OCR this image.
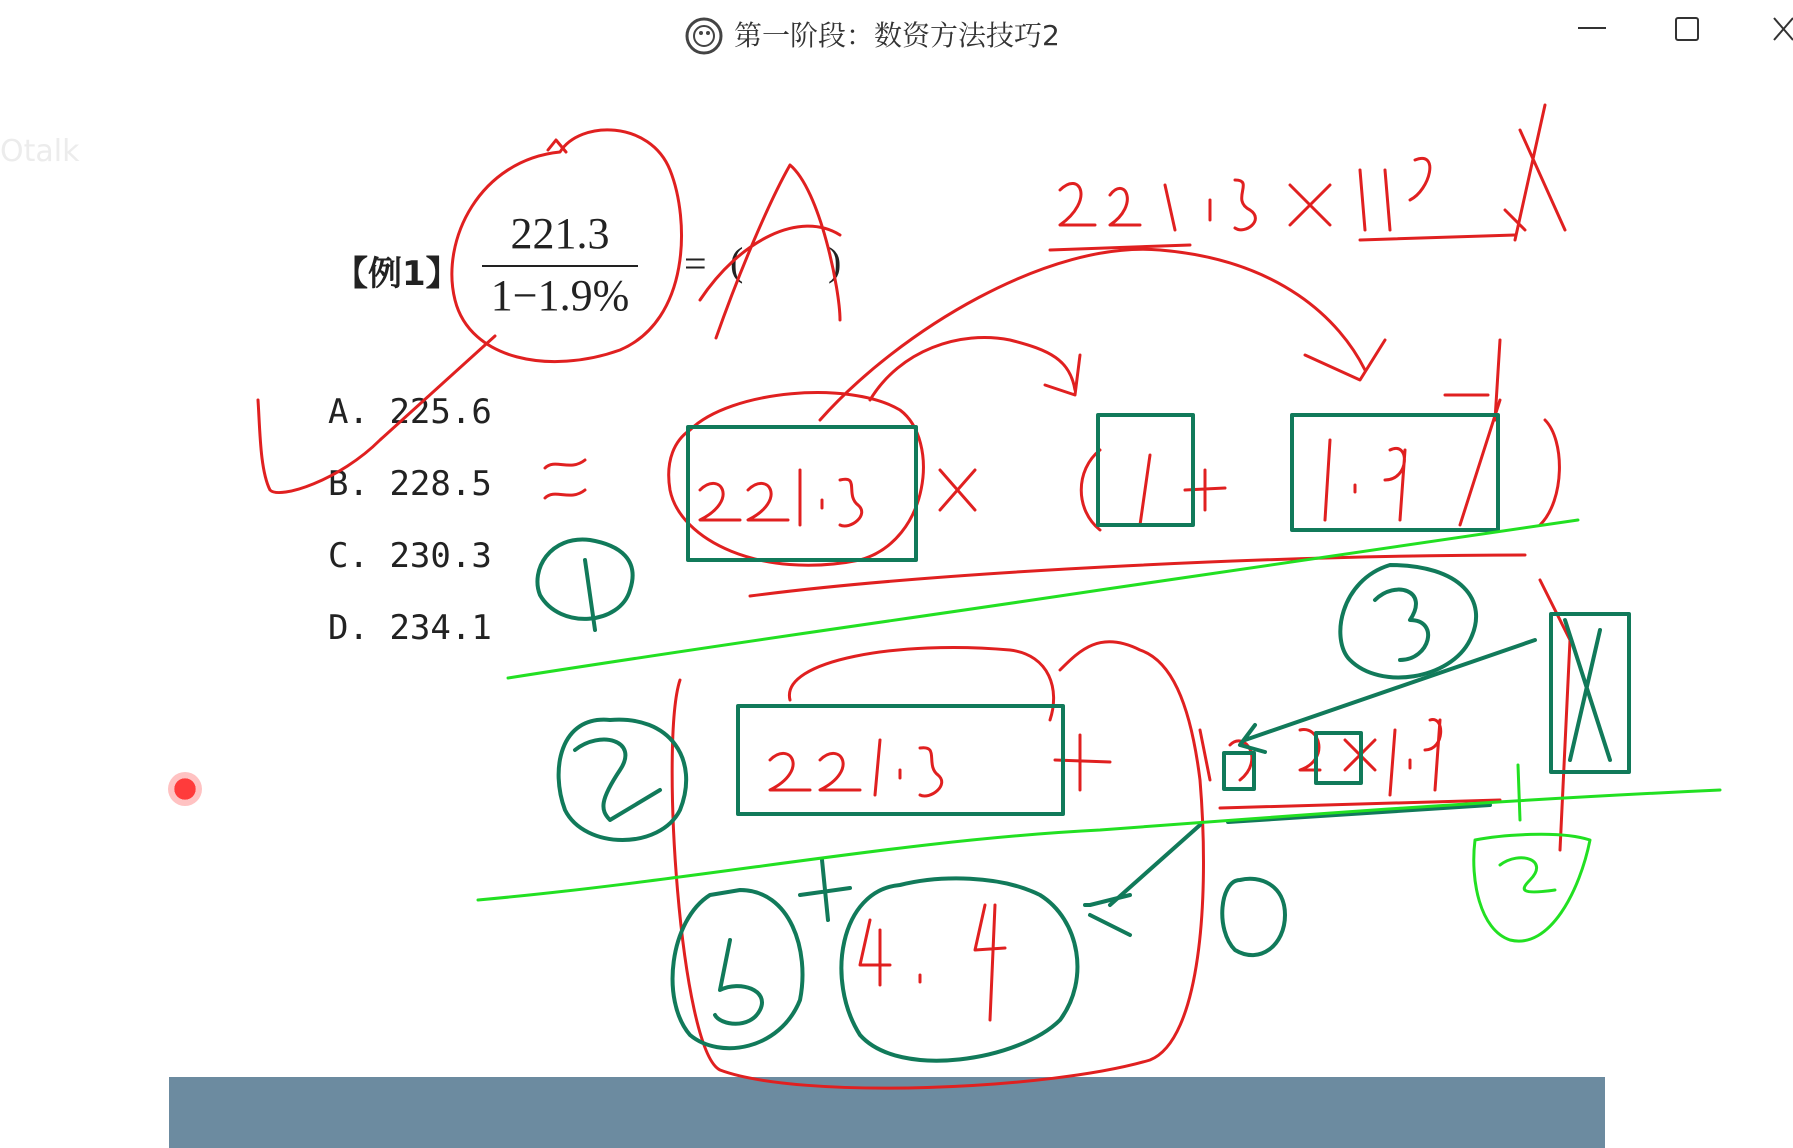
第一阶段：数资方法技巧2
Otalk
【例1】
221.3
1−1.9%
= ( )
A. 225.6
B. 228.5
C. 230.3
D. 234.1
